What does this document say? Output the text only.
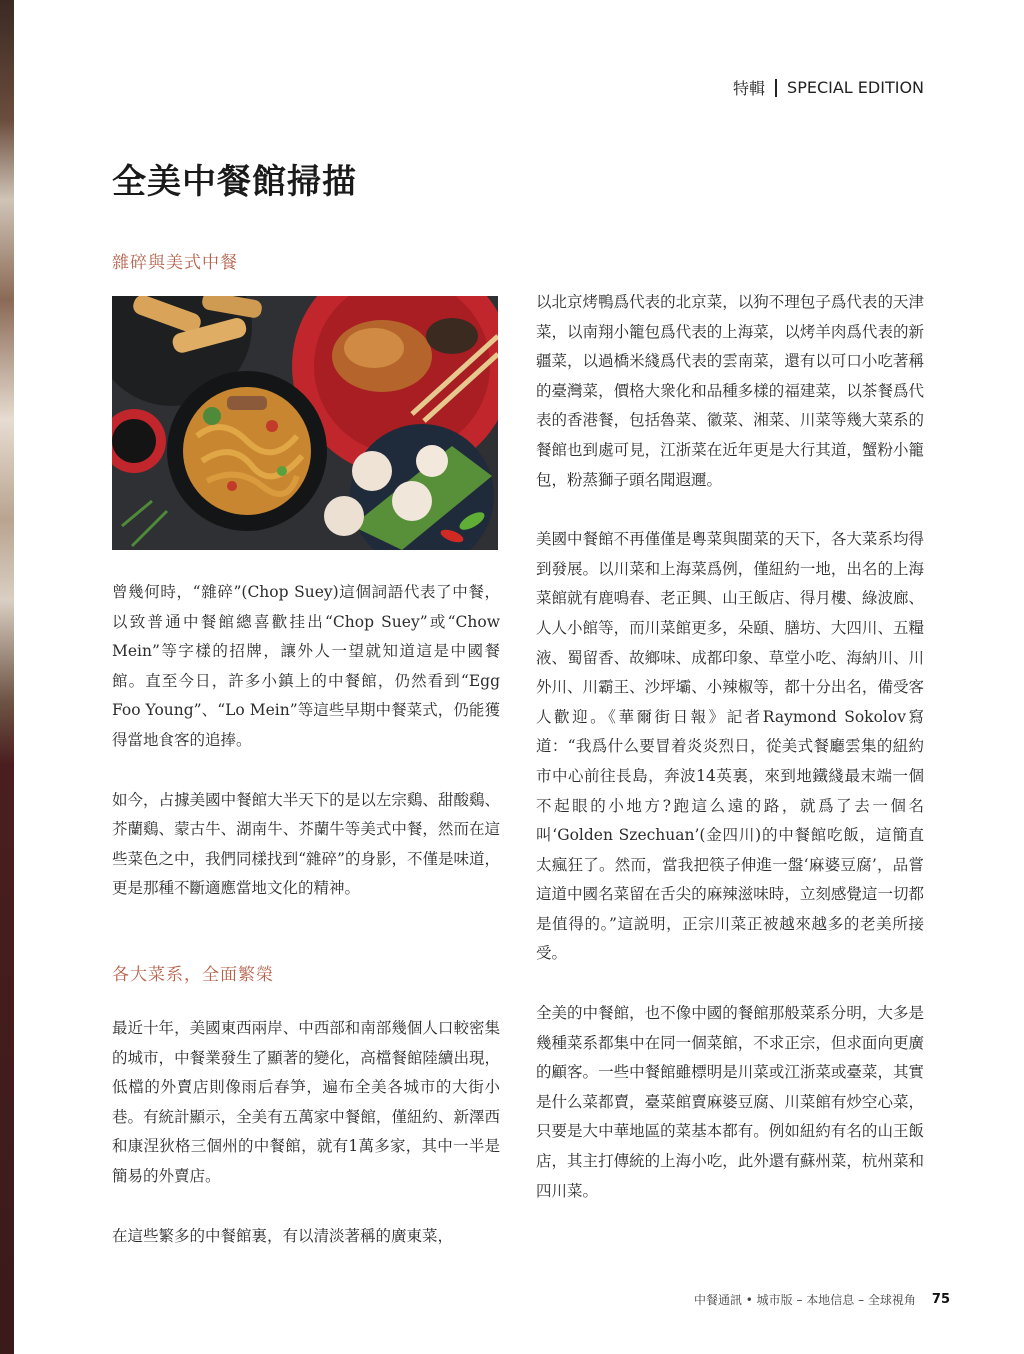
特輯 SPECIAL EDITION
全美中餐館掃描
雜碎與美式中餐

曾幾何時，“雜碎”(Chop Suey)這個詞語代表了中餐，以致普通中餐館總喜歡挂出“Chop Suey”或“Chow Mein”等字樣的招牌，讓外人一望就知道這是中國餐館。直至今日，許多小鎮上的中餐館，仍然看到“Egg Foo Young”、“Lo Mein”等這些早期中餐菜式，仍能獲得當地食客的追捧。

如今，占據美國中餐館大半天下的是以左宗鷄、甜酸鷄、芥蘭鷄、蒙古牛、湖南牛、芥蘭牛等美式中餐，然而在這些菜色之中，我們同樣找到“雜碎”的身影，不僅是味道，更是那種不斷適應當地文化的精神。

各大菜系，全面繁榮

最近十年，美國東西兩岸、中西部和南部幾個人口較密集的城市，中餐業發生了顯著的變化，高檔餐館陸續出現，低檔的外賣店則像雨后春笋，遍布全美各城市的大街小巷。有統計顯示，全美有五萬家中餐館，僅紐約、新澤西和康涅狄格三個州的中餐館，就有1萬多家，其中一半是簡易的外賣店。

在這些繁多的中餐館裏，有以清淡著稱的廣東菜，

以北京烤鴨爲代表的北京菜，以狗不理包子爲代表的天津菜，以南翔小籠包爲代表的上海菜，以烤羊肉爲代表的新疆菜，以過橋米綫爲代表的雲南菜，還有以可口小吃著稱的臺灣菜，價格大衆化和品種多樣的福建菜，以茶餐爲代表的香港餐，包括魯菜、徽菜、湘菜、川菜等幾大菜系的餐館也到處可見，江浙菜在近年更是大行其道，蟹粉小籠包，粉蒸獅子頭名聞遐邇。

美國中餐館不再僅僅是粵菜與閩菜的天下，各大菜系均得到發展。以川菜和上海菜爲例，僅紐約一地，出名的上海菜館就有鹿鳴春、老正興、山王飯店、得月樓、綠波廊、人人小館等，而川菜館更多，朵頤、膳坊、大四川、五糧液、蜀留香、故鄉味、成都印象、草堂小吃、海納川、川外川、川霸王、沙坪壩、小辣椒等，都十分出名，備受客人歡迎。《華爾街日報》記者Raymond Sokolov寫道：“我爲什么要冒着炎炎烈日，從美式餐廳雲集的紐約市中心前往長島，奔波14英裏，來到地鐵綫最末端一個不起眼的小地方?跑這么遠的路，就爲了去一個名叫‘Golden Szechuan’(金四川)的中餐館吃飯，這簡直太瘋狂了。然而，當我把筷子伸進一盤‘麻婆豆腐’，品嘗這道中國名菜留在舌尖的麻辣滋味時，立刻感覺這一切都是值得的。”這説明，正宗川菜正被越來越多的老美所接受。

全美的中餐館，也不像中國的餐館那般菜系分明，大多是幾種菜系都集中在同一個菜館，不求正宗，但求面向更廣的顧客。一些中餐館雖標明是川菜或江浙菜或臺菜，其實是什么菜都賣，臺菜館賣麻婆豆腐、川菜館有炒空心菜，只要是大中華地區的菜基本都有。例如紐約有名的山王飯店，其主打傳統的上海小吃，此外還有蘇州菜，杭州菜和四川菜。

中餐通訊 • 城市版 – 本地信息 – 全球視角 75
